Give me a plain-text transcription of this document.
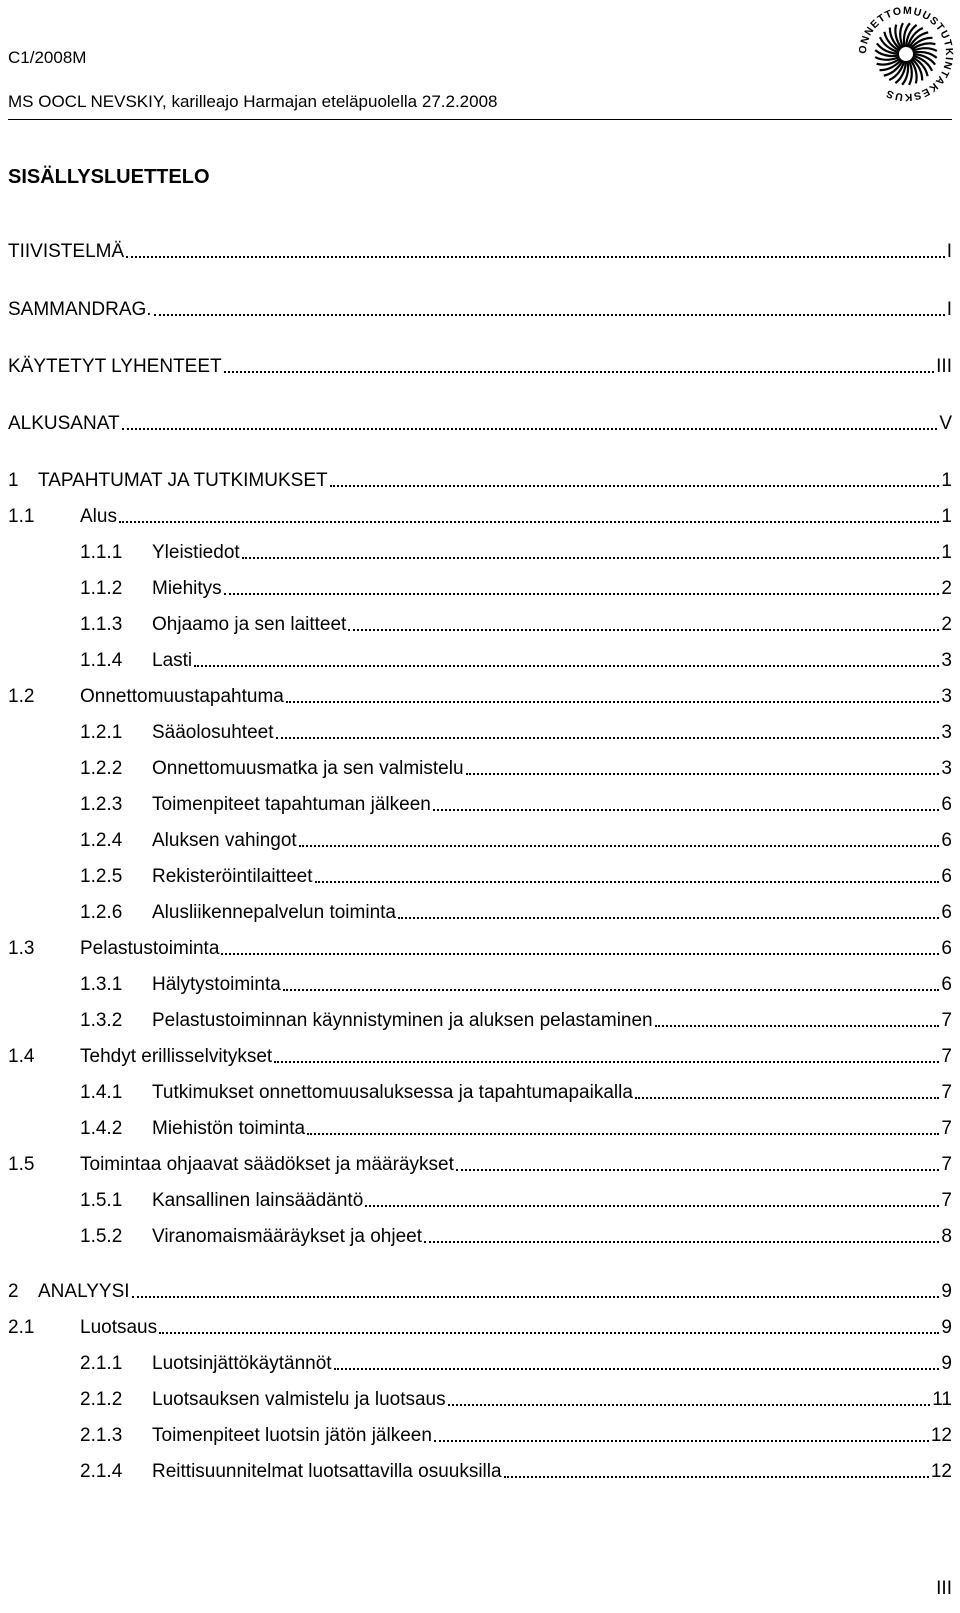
C1/2008M
MS OOCL NEVSKIY, karilleajo Harmajan eteläpuolella 27.2.2008
ONNETTOMUUSTUTKINTAKESKUS
SISÄLLYSLUETTELO
TIIVISTELMÄ	I
SAMMANDRAG.	I
KÄYTETYT LYHENTEET	III
ALKUSANAT	V
1	TAPAHTUMAT JA TUTKIMUKSET	1
1.1	Alus	1
1.1.1	Yleistiedot	1
1.1.2	Miehitys	2
1.1.3	Ohjaamo ja sen laitteet	2
1.1.4	Lasti	3
1.2	Onnettomuustapahtuma	3
1.2.1	Sääolosuhteet	3
1.2.2	Onnettomuusmatka ja sen valmistelu	3
1.2.3	Toimenpiteet tapahtuman jälkeen	6
1.2.4	Aluksen vahingot	6
1.2.5	Rekisteröintilaitteet	6
1.2.6	Alusliikennepalvelun toiminta	6
1.3	Pelastustoiminta	6
1.3.1	Hälytystoiminta	6
1.3.2	Pelastustoiminnan käynnistyminen ja aluksen pelastaminen	7
1.4	Tehdyt erillisselvitykset	7
1.4.1	Tutkimukset onnettomuusaluksessa ja tapahtumapaikalla	7
1.4.2	Miehistön toiminta	7
1.5	Toimintaa ohjaavat säädökset ja määräykset	7
1.5.1	Kansallinen lainsäädäntö	7
1.5.2	Viranomaismääräykset ja ohjeet	8
2	ANALYYSI	9
2.1	Luotsaus	9
2.1.1	Luotsinjättökäytännöt	9
2.1.2	Luotsauksen valmistelu ja luotsaus	11
2.1.3	Toimenpiteet luotsin jätön jälkeen	12
2.1.4	Reittisuunnitelmat luotsattavilla osuuksilla	12
III
